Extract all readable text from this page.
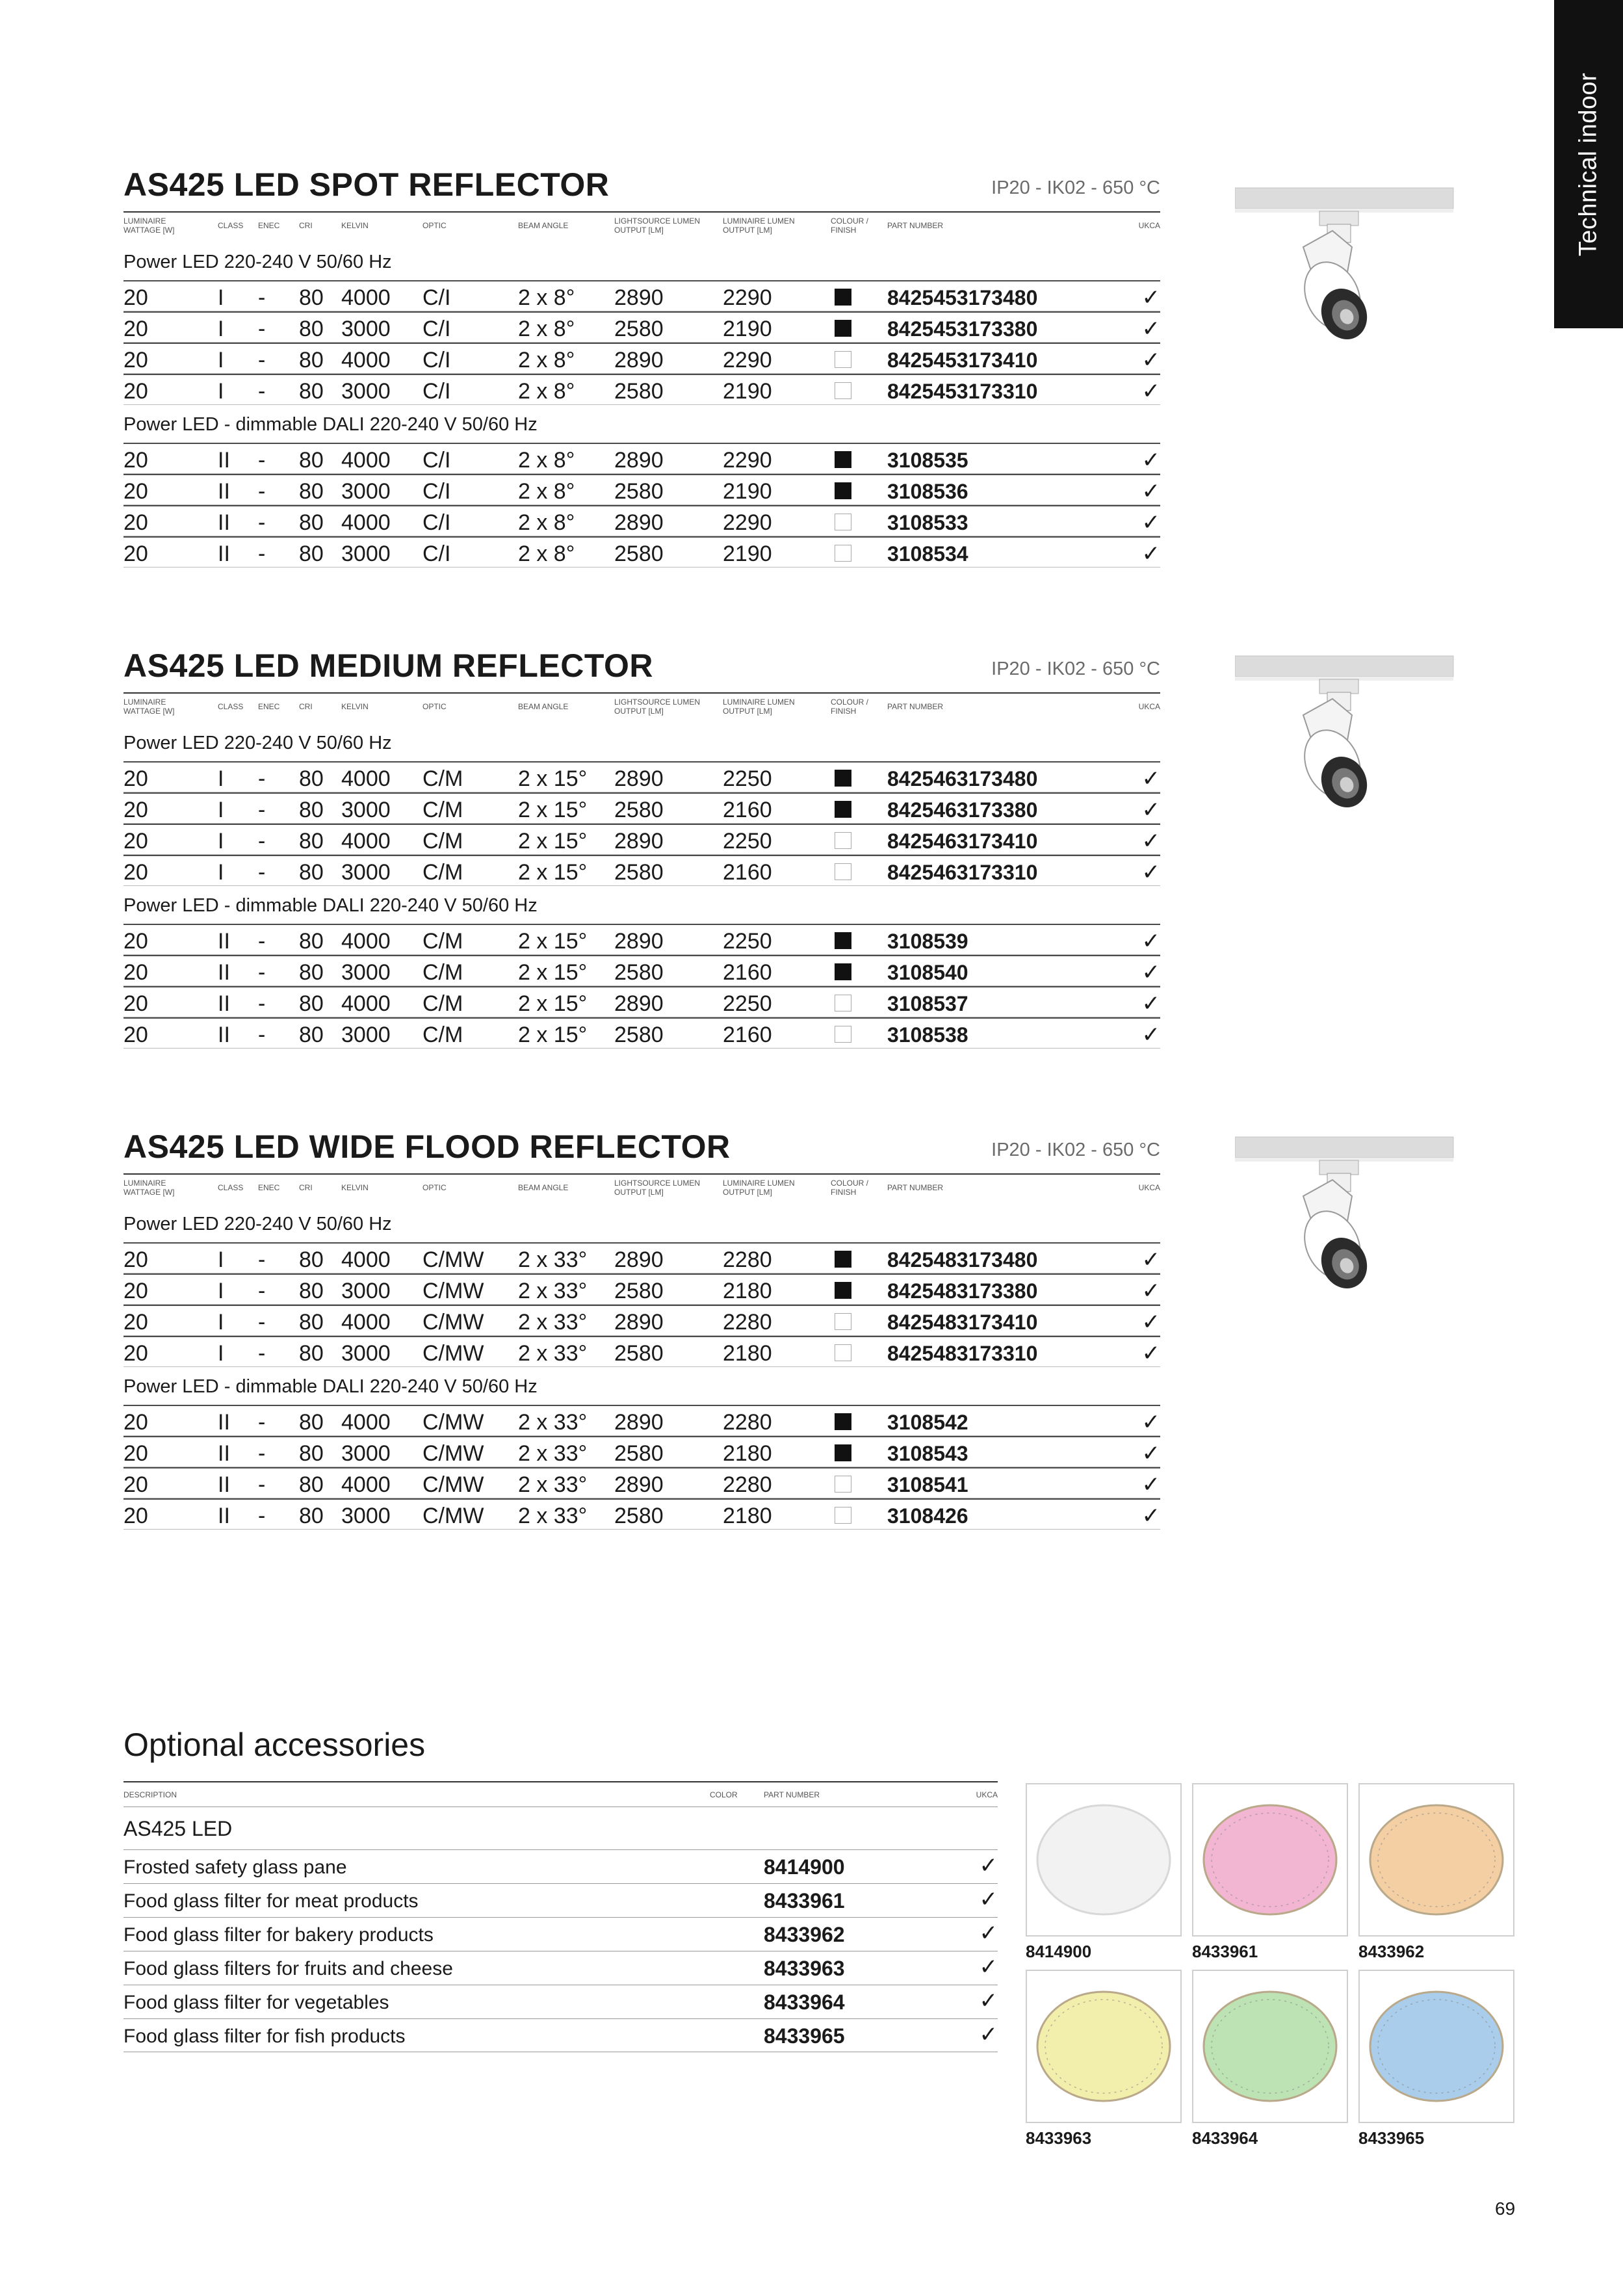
Technical indoor
AS425 LED SPOT REFLECTOR	IP20 - IK02 - 650 °C
LUMINAIRE
WATTAGE [W]	CLASS ENEC CRI	KELVIN	OPTIC	BEAM ANGLE	LIGHTSOURCE LUMEN
OUTPUT [LM]
LUMINAIRE LUMEN
OUTPUT [LM]
COLOUR /
FINISH	PART NUMBER	UKCA
Power LED 220-240 V 50/60 Hz
20	I - 80 4000 C/I	2 x 8° 2890	2290	8425453173480	✓
20	I - 80 3000 C/I	2 x 8° 2580	2190	8425453173380	✓
20	I - 80 4000 C/I	2 x 8° 2890	2290	8425453173410	✓
20	I - 80 3000 C/I	2 x 8° 2580	2190	8425453173310	✓
Power LED - dimmable DALI 220-240 V 50/60 Hz
20	II - 80 4000 C/I	2 x 8° 2890	2290	3108535	✓
20	II - 80 3000 C/I	2 x 8° 2580	2190	3108536	✓
20	II - 80 4000 C/I	2 x 8° 2890	2290	3108533	✓
20	II - 80 3000 C/I	2 x 8° 2580	2190	3108534	✓
AS425 LED MEDIUM REFLECTOR	IP20 - IK02 - 650 °C
LUMINAIRE
WATTAGE [W]	CLASS ENEC CRI	KELVIN	OPTIC	BEAM ANGLE	LIGHTSOURCE LUMEN
OUTPUT [LM]
LUMINAIRE LUMEN
OUTPUT [LM]
COLOUR /
FINISH	PART NUMBER	UKCA
Power LED 220-240 V 50/60 Hz
20	I - 80 4000 C/M 2 x 15° 2890	2250	8425463173480	✓
20	I - 80 3000 C/M 2 x 15° 2580	2160	8425463173380	✓
20	I - 80 4000 C/M 2 x 15° 2890	2250	8425463173410	✓
20	I - 80 3000 C/M 2 x 15° 2580	2160	8425463173310	✓
Power LED - dimmable DALI 220-240 V 50/60 Hz
20	II - 80 4000 C/M 2 x 15° 2890	2250	3108539	✓
20	II - 80 3000 C/M 2 x 15° 2580	2160	3108540	✓
20	II - 80 4000 C/M 2 x 15° 2890	2250	3108537	✓
20	II - 80 3000 C/M 2 x 15° 2580	2160	3108538	✓
AS425 LED WIDE FLOOD REFLECTOR	IP20 - IK02 - 650 °C
LUMINAIRE
WATTAGE [W]	CLASS ENEC CRI	KELVIN	OPTIC	BEAM ANGLE	LIGHTSOURCE LUMEN
OUTPUT [LM]
LUMINAIRE LUMEN
OUTPUT [LM]
COLOUR /
FINISH	PART NUMBER	UKCA
Power LED 220-240 V 50/60 Hz
20	I - 80 4000 C/MW 2 x 33° 2890	2280	8425483173480	✓
20	I - 80 3000 C/MW 2 x 33° 2580	2180	8425483173380	✓
20	I - 80 4000 C/MW 2 x 33° 2890	2280	8425483173410	✓
20	I - 80 3000 C/MW 2 x 33° 2580	2180	8425483173310	✓
Power LED - dimmable DALI 220-240 V 50/60 Hz
20	II - 80 4000 C/MW 2 x 33° 2890	2280	3108542	✓
20	II - 80 3000 C/MW 2 x 33° 2580	2180	3108543	✓
20	II - 80 4000 C/MW 2 x 33° 2890	2280	3108541	✓
20	II - 80 3000 C/MW 2 x 33° 2580	2180	3108426	✓
Optional accessories
DESCRIPTION	COLOR	PART NUMBER	UKCA
AS425 LED
Frosted safety glass pane	8414900	✓
Food glass filter for meat products	8433961	✓
Food glass filter for bakery products	8433962	✓
Food glass filters for fruits and cheese	8433963	✓
Food glass filter for vegetables	8433964	✓
Food glass filter for fish products	8433965	✓
8414900	8433961	8433962
8433963	8433964	8433965
69
